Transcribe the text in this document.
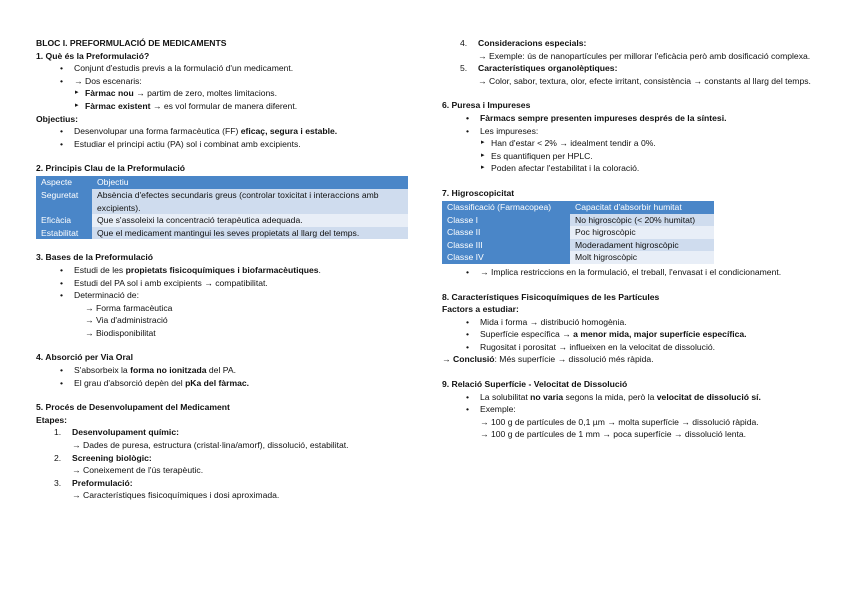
BLOC I. PREFORMULACIÓ DE MEDICAMENTS
1. Què és la Preformulació?
• Conjunt d'estudis previs a la formulació d'un medicament.
• → Dos escenaris:
▸ Fàrmac nou → partim de zero, moltes limitacions.
▸ Fàrmac existent → es vol formular de manera diferent.
Objectius:
• Desenvolupar una forma farmacèutica (FF) eficaç, segura i estable.
• Estudiar el principi actiu (PA) sol i combinat amb excipients.
2. Principis Clau de la Preformulació
Aspecte	Objectiu
Seguretat	Absència d'efectes secundaris greus (controlar toxicitat i interaccions amb excipients).
Eficàcia	Que s'assoleixi la concentració terapèutica adequada.
Estabilitat	Que el medicament mantingui les seves propietats al llarg del temps.
3. Bases de la Preformulació
• Estudi de les propietats fisicoquímiques i biofarmacèutiques.
• Estudi del PA sol i amb excipients → compatibilitat.
• Determinació de:
→ Forma farmacèutica
→ Via d'administració
→ Biodisponibilitat
4. Absorció per Via Oral
• S'absorbeix la forma no ionitzada del PA.
• El grau d'absorció depèn del pKa del fàrmac.
5. Procés de Desenvolupament del Medicament
Etapes:
1. Desenvolupament químic:
→ Dades de puresa, estructura (cristal·lina/amorf), dissolució, estabilitat.
2. Screening biològic:
→ Coneixement de l'ús terapèutic.
3. Preformulació:
→ Característiques fisicoquímiques i dosi aproximada.
4. Consideracions especials:
→ Exemple: ús de nanopartícules per millorar l'eficàcia però amb dosificació complexa.
5. Característiques organolèptiques:
→ Color, sabor, textura, olor, efecte irritant, consistència → constants al llarg del temps.
6. Puresa i Impureses
• Fàrmacs sempre presenten impureses després de la síntesi.
• Les impureses:
▸ Han d'estar < 2% → idealment tendir a 0%.
▸ Es quantifiquen per HPLC.
▸ Poden afectar l'estabilitat i la coloració.
7. Higroscopicitat
Classificació (Farmacopea)	Capacitat d'absorbir humitat
Classe I	No higroscòpic (< 20% humitat)
Classe II	Poc higroscòpic
Classe III	Moderadament higroscòpic
Classe IV	Molt higroscòpic
• → Implica restriccions en la formulació, el treball, l'envasat i el condicionament.
8. Característiques Fisicoquímiques de les Partícules
Factors a estudiar:
• Mida i forma → distribució homogènia.
• Superfície específica → a menor mida, major superfície específica.
• Rugositat i porositat → influeixen en la velocitat de dissolució.
→ Conclusió: Més superfície → dissolució més ràpida.
9. Relació Superfície - Velocitat de Dissolució
• La solubilitat no varia segons la mida, però la velocitat de dissolució sí.
• Exemple:
→ 100 g de partícules de 0,1 µm → molta superfície → dissolució ràpida.
→ 100 g de partícules de 1 mm → poca superfície → dissolució lenta.
